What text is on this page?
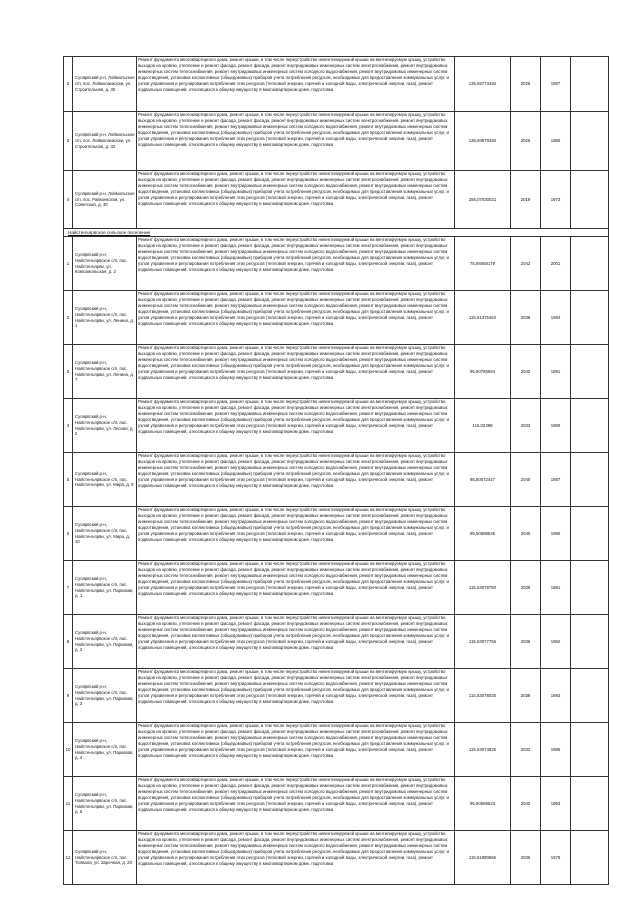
2	Суоярвский р-н, Лоймольское с/п, пос. Лоймоланкоски, ул. Строительная, д. 30	Ремонт фундамента многоквартирного дома, ремонт крыши, в том числе переустройство невентилируемой крыши на вентилируемую крышу, устройство выходов на кровлю, утепление и ремонт фасада, ремонт фасада, ремонт внутридомовых инженерных систем электроснабжения, ремонт внутридомовых инженерных систем теплоснабжения, ремонт внутридомовых инженерных систем холодного водоснабжения, ремонт внутридомовых инженерных систем водоотведения, установка коллективных (общедомовых) приборов учета потребления ресурсов, необходимых для предоставления коммунальных услуг, и узлов управления и регулирования потребления этих ресурсов (тепловой энергии, горячей и холодной воды, электрической энергии, газа), ремонт подвальных помещений, относящихся к общему имуществу в многоквартирном доме, подготовка	135,56773482	2026	1987	
3	Суоярвский р-н, Лоймольское с/п, пос. Лоймоланкоски, ул. Строительная, д. 32	Ремонт фундамента многоквартирного дома, ремонт крыши, в том числе переустройство невентилируемой крыши на вентилируемую крышу, устройство выходов на кровлю, утепление и ремонт фасада, ремонт фасада, ремонт внутридомовых инженерных систем электроснабжения, ремонт внутридомовых инженерных систем теплоснабжения, ремонт внутридомовых инженерных систем холодного водоснабжения, ремонт внутридомовых инженерных систем водоотведения, установка коллективных (общедомовых) приборов учета потребления ресурсов, необходимых для предоставления коммунальных услуг, и узлов управления и регулирования потребления этих ресурсов (тепловой энергии, горячей и холодной воды, электрической энергии, газа), ремонт подвальных помещений, относящихся к общему имуществу в многоквартирном доме, подготовка	135,94870482	2026	1980	
4	Суоярвский р-н, Лоймольское с/п, пос. Райконкоски, ул. Советская, д. 30	Ремонт фундамента многоквартирного дома, ремонт крыши, в том числе переустройство невентилируемой крыши на вентилируемую крышу, устройство выходов на кровлю, утепление и ремонт фасада, ремонт фасада, ремонт внутридомовых инженерных систем электроснабжения, ремонт внутридомовых инженерных систем теплоснабжения, ремонт внутридомовых инженерных систем холодного водоснабжения, ремонт внутридомовых инженерных систем водоотведения, установка коллективных (общедомовых) приборов учета потребления ресурсов, необходимых для предоставления коммунальных услуг, и узлов управления и регулирования потребления этих ресурсов (тепловой энергии, горячей и холодной воды, электрической энергии, газа), ремонт подвальных помещений, относящихся к общему имуществу в многоквартирном доме, подготовка	256,07030021	2019	1973	
Найстенъярвское сельское поселение						
1	Суоярвский р-н, Найстенъярвское с/п, пос. Найстенъярви, ул. Комсомольская, д. 2	Ремонт фундамента многоквартирного дома, ремонт крыши, в том числе переустройство невентилируемой крыши на вентилируемую крышу, устройство выходов на кровлю, утепление и ремонт фасада, ремонт фасада, ремонт внутридомовых инженерных систем электроснабжения, ремонт внутридомовых инженерных систем теплоснабжения, ремонт внутридомовых инженерных систем холодного водоснабжения, ремонт внутридомовых инженерных систем водоотведения, установка коллективных (общедомовых) приборов учета потребления ресурсов, необходимых для предоставления коммунальных услуг, и узлов управления и регулирования потребления этих ресурсов (тепловой энергии, горячей и холодной воды, электрической энергии, газа), ремонт подвальных помещений, относящихся к общему имуществу в многоквартирном доме, подготовка	75,66058179	2042	2001	
2	Суоярвский р-н, Найстенъярвское с/п, пос. Найстенъярви, ул. Ленина, д. 1	Ремонт фундамента многоквартирного дома, ремонт крыши, в том числе переустройство невентилируемой крыши на вентилируемую крышу, устройство выходов на кровлю, утепление и ремонт фасада, ремонт фасада, ремонт внутридомовых инженерных систем электроснабжения, ремонт внутридомовых инженерных систем теплоснабжения, ремонт внутридомовых инженерных систем холодного водоснабжения, ремонт внутридомовых инженерных систем водоотведения, установка коллективных (общедомовых) приборов учета потребления ресурсов, необходимых для предоставления коммунальных услуг, и узлов управления и регулирования потребления этих ресурсов (тепловой энергии, горячей и холодной воды, электрической энергии, газа), ремонт подвальных помещений, относящихся к общему имуществу в многоквартирном доме, подготовка	115,51375453	2036	1984	
3	Суоярвский р-н, Найстенъярвское с/п, пос. Найстенъярви, ул. Ленина, д. 7	Ремонт фундамента многоквартирного дома, ремонт крыши, в том числе переустройство невентилируемой крыши на вентилируемую крышу, устройство выходов на кровлю, утепление и ремонт фасада, ремонт фасада, ремонт внутридомовых инженерных систем электроснабжения, ремонт внутридомовых инженерных систем теплоснабжения, ремонт внутридомовых инженерных систем холодного водоснабжения, ремонт внутридомовых инженерных систем водоотведения, установка коллективных (общедомовых) приборов учета потребления ресурсов, необходимых для предоставления коммунальных услуг, и узлов управления и регулирования потребления этих ресурсов (тепловой энергии, горячей и холодной воды, электрической энергии, газа), ремонт подвальных помещений, относящихся к общему имуществу в многоквартирном доме, подготовка	95,90765594	2042	1991	
4	Суоярвский р-н, Найстенъярвское с/п, пос. Найстенъярви, ул. Лесная, д. 2	Ремонт фундамента многоквартирного дома, ремонт крыши, в том числе переустройство невентилируемой крыши на вентилируемую крышу, устройство выходов на кровлю, утепление и ремонт фасада, ремонт фасада, ремонт внутридомовых инженерных систем электроснабжения, ремонт внутридомовых инженерных систем теплоснабжения, ремонт внутридомовых инженерных систем холодного водоснабжения, ремонт внутридомовых инженерных систем водоотведения, установка коллективных (общедомовых) приборов учета потребления ресурсов, необходимых для предоставления коммунальных услуг, и узлов управления и регулирования потребления этих ресурсов (тепловой энергии, горячей и холодной воды, электрической энергии, газа), ремонт подвальных помещений, относящихся к общему имуществу в многоквартирном доме, подготовка	116,02398	2033	1980	
5	Суоярвский р-н, Найстенъярвское с/п, пос. Найстенъярви, ул. Мира, д. 8	Ремонт фундамента многоквартирного дома, ремонт крыши, в том числе переустройство невентилируемой крыши на вентилируемую крышу, устройство выходов на кровлю, утепление и ремонт фасада, ремонт фасада, ремонт внутридомовых инженерных систем электроснабжения, ремонт внутридомовых инженерных систем теплоснабжения, ремонт внутридомовых инженерных систем холодного водоснабжения, ремонт внутридомовых инженерных систем водоотведения, установка коллективных (общедомовых) приборов учета потребления ресурсов, необходимых для предоставления коммунальных услуг, и узлов управления и регулирования потребления этих ресурсов (тепловой энергии, горячей и холодной воды, электрической энергии, газа), ремонт подвальных помещений, относящихся к общему имуществу в многоквартирном доме, подготовка	95,50572447	2040	1987	
6	Суоярвский р-н, Найстенъярвское с/п, пос. Найстенъярви, ул. Мира, д. 10	Ремонт фундамента многоквартирного дома, ремонт крыши, в том числе переустройство невентилируемой крыши на вентилируемую крышу, устройство выходов на кровлю, утепление и ремонт фасада, ремонт фасада, ремонт внутридомовых инженерных систем электроснабжения, ремонт внутридомовых инженерных систем теплоснабжения, ремонт внутридомовых инженерных систем холодного водоснабжения, ремонт внутридомовых инженерных систем водоотведения, установка коллективных (общедомовых) приборов учета потребления ресурсов, необходимых для предоставления коммунальных услуг, и узлов управления и регулирования потребления этих ресурсов (тепловой энергии, горячей и холодной воды, электрической энергии, газа), ремонт подвальных помещений, относящихся к общему имуществу в многоквартирном доме, подготовка	95,50598535	2040	1990	
7	Суоярвский р-н, Найстенъярвское с/п, пос. Найстенъярви, ул. Парковая, д. 1	Ремонт фундамента многоквартирного дома, ремонт крыши, в том числе переустройство невентилируемой крыши на вентилируемую крышу, устройство выходов на кровлю, утепление и ремонт фасада, ремонт фасада, ремонт внутридомовых инженерных систем электроснабжения, ремонт внутридомовых инженерных систем теплоснабжения, ремонт внутридомовых инженерных систем холодного водоснабжения, ремонт внутридомовых инженерных систем водоотведения, установка коллективных (общедомовых) приборов учета потребления ресурсов, необходимых для предоставления коммунальных услуг, и узлов управления и регулирования потребления этих ресурсов (тепловой энергии, горячей и холодной воды, электрической энергии, газа), ремонт подвальных помещений, относящихся к общему имуществу в многоквартирном доме, подготовка	115,53078760	2038	1981	
8	Суоярвский р-н, Найстенъярвское с/п, пос. Найстенъярви, ул. Парковая, д. 2	Ремонт фундамента многоквартирного дома, ремонт крыши, в том числе переустройство невентилируемой крыши на вентилируемую крышу, устройство выходов на кровлю, утепление и ремонт фасада, ремонт фасада, ремонт внутридомовых инженерных систем электроснабжения, ремонт внутридомовых инженерных систем теплоснабжения, ремонт внутридомовых инженерных систем холодного водоснабжения, ремонт внутридомовых инженерных систем водоотведения, установка коллективных (общедомовых) приборов учета потребления ресурсов, необходимых для предоставления коммунальных услуг, и узлов управления и регулирования потребления этих ресурсов (тепловой энергии, горячей и холодной воды, электрической энергии, газа), ремонт подвальных помещений, относящихся к общему имуществу в многоквартирном доме, подготовка	115,53077756	2036	1982	
9	Суоярвский р-н, Найстенъярвское с/п, пос. Найстенъярви, ул. Парковая, д. 3	Ремонт фундамента многоквартирного дома, ремонт крыши, в том числе переустройство невентилируемой крыши на вентилируемую крышу, устройство выходов на кровлю, утепление и ремонт фасада, ремонт фасада, ремонт внутридомовых инженерных систем электроснабжения, ремонт внутридомовых инженерных систем теплоснабжения, ремонт внутридомовых инженерных систем холодного водоснабжения, ремонт внутридомовых инженерных систем водоотведения, установка коллективных (общедомовых) приборов учета потребления ресурсов, необходимых для предоставления коммунальных услуг, и узлов управления и регулирования потребления этих ресурсов (тепловой энергии, горячей и холодной воды, электрической энергии, газа), ремонт подвальных помещений, относящихся к общему имуществу в многоквартирном доме, подготовка	115,53078035	2038	1983	
10	Суоярвский р-н, Найстенъярвское с/п, пос. Найстенъярви, ул. Парковая, д. 4	Ремонт фундамента многоквартирного дома, ремонт крыши, в том числе переустройство невентилируемой крыши на вентилируемую крышу, устройство выходов на кровлю, утепление и ремонт фасада, ремонт фасада, ремонт внутридомовых инженерных систем электроснабжения, ремонт внутридомовых инженерных систем теплоснабжения, ремонт внутридомовых инженерных систем холодного водоснабжения, ремонт внутридомовых инженерных систем водоотведения, установка коллективных (общедомовых) приборов учета потребления ресурсов, необходимых для предоставления коммунальных услуг, и узлов управления и регулирования потребления этих ресурсов (тепловой энергии, горячей и холодной воды, электрической энергии, газа), ремонт подвальных помещений, относящихся к общему имуществу в многоквартирном доме, подготовка	115,53074825	2032	1985	
11	Суоярвский р-н, Найстенъярвское с/п, пос. Найстенъярви, ул. Парковая, д. 5	Ремонт фундамента многоквартирного дома, ремонт крыши, в том числе переустройство невентилируемой крыши на вентилируемую крышу, устройство выходов на кровлю, утепление и ремонт фасада, ремонт фасада, ремонт внутридомовых инженерных систем электроснабжения, ремонт внутридомовых инженерных систем теплоснабжения, ремонт внутридомовых инженерных систем холодного водоснабжения, ремонт внутридомовых инженерных систем водоотведения, установка коллективных (общедомовых) приборов учета потребления ресурсов, необходимых для предоставления коммунальных услуг, и узлов управления и регулирования потребления этих ресурсов (тепловой энергии, горячей и холодной воды, электрической энергии, газа), ремонт подвальных помещений, относящихся к общему имуществу в многоквартирном доме, подготовка	95,90599523	2042	1993	
12	Суоярвский р-н, Найстенъярвское с/п, пос. Толвала, ул. Заречная, д. 20	Ремонт фундамента многоквартирного дома, ремонт крыши, в том числе переустройство невентилируемой крыши на вентилируемую крышу, устройство выходов на кровлю, утепление и ремонт фасада, ремонт фасада, ремонт внутридомовых инженерных систем электроснабжения, ремонт внутридомовых инженерных систем теплоснабжения, ремонт внутридомовых инженерных систем холодного водоснабжения, ремонт внутридомовых инженерных систем водоотведения, установка коллективных (общедомовых) приборов учета потребления ресурсов, необходимых для предоставления коммунальных услуг, и узлов управления и регулирования потребления этих ресурсов (тепловой энергии, горячей и холодной воды, электрической энергии, газа), ремонт подвальных помещений, относящихся к общему имуществу в многоквартирном доме, подготовка	115,51880665	2035	1978	
